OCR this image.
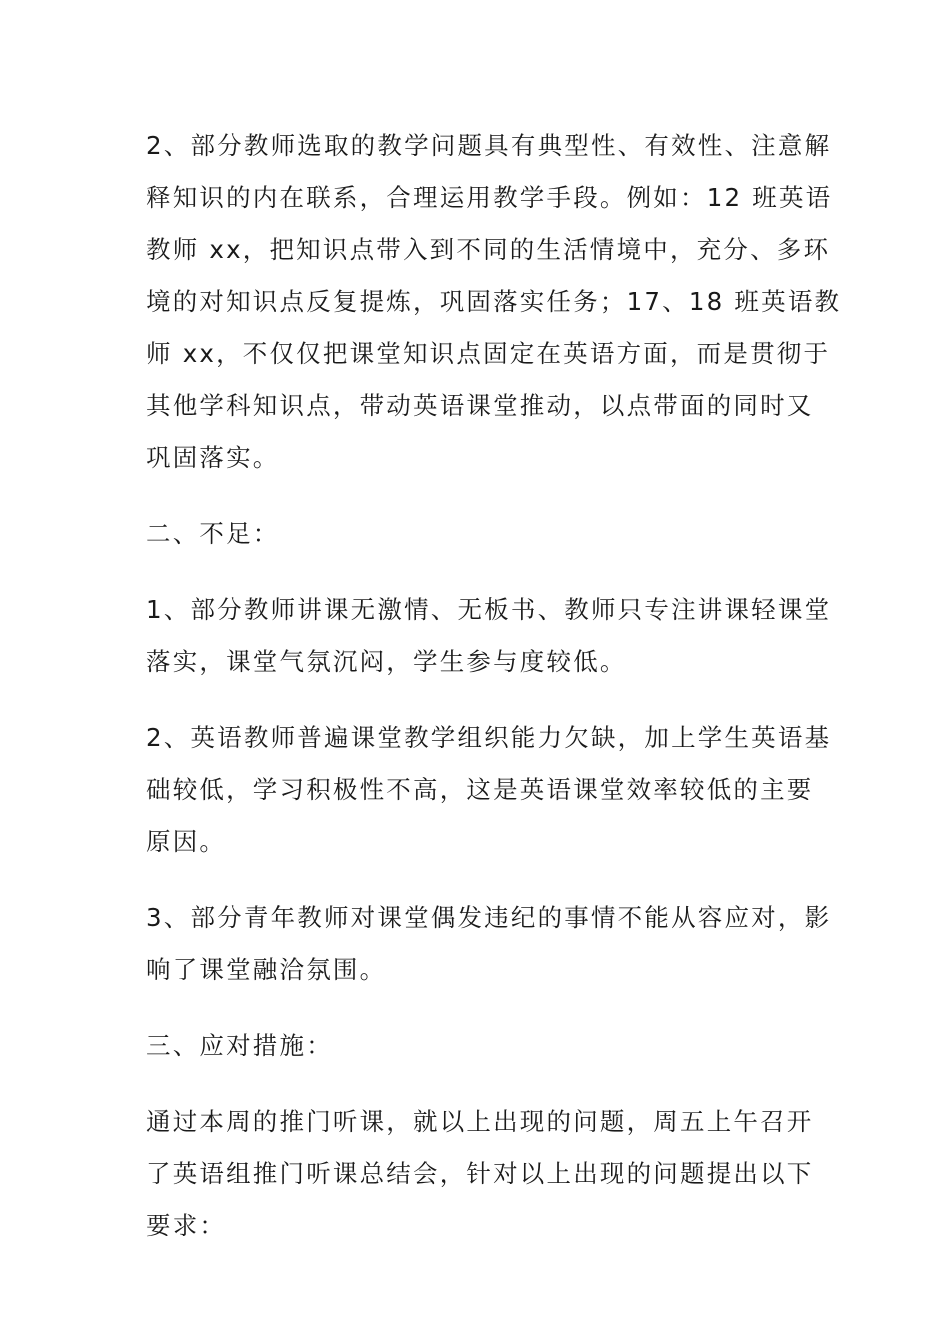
2、部分教师选取的教学问题具有典型性、有效性、注意解
释知识的内在联系，合理运用教学手段。例如：12 班英语
教师 xx，把知识点带入到不同的生活情境中，充分、多环
境的对知识点反复提炼，巩固落实任务；17、18 班英语教
师 xx，不仅仅把课堂知识点固定在英语方面，而是贯彻于
其他学科知识点，带动英语课堂推动，以点带面的同时又
巩固落实。

二、不足：

1、部分教师讲课无激情、无板书、教师只专注讲课轻课堂
落实，课堂气氛沉闷，学生参与度较低。

2、英语教师普遍课堂教学组织能力欠缺，加上学生英语基
础较低，学习积极性不高，这是英语课堂效率较低的主要
原因。

3、部分青年教师对课堂偶发违纪的事情不能从容应对，影
响了课堂融洽氛围。

三、应对措施：

通过本周的推门听课，就以上出现的问题，周五上午召开
了英语组推门听课总结会，针对以上出现的问题提出以下
要求：
